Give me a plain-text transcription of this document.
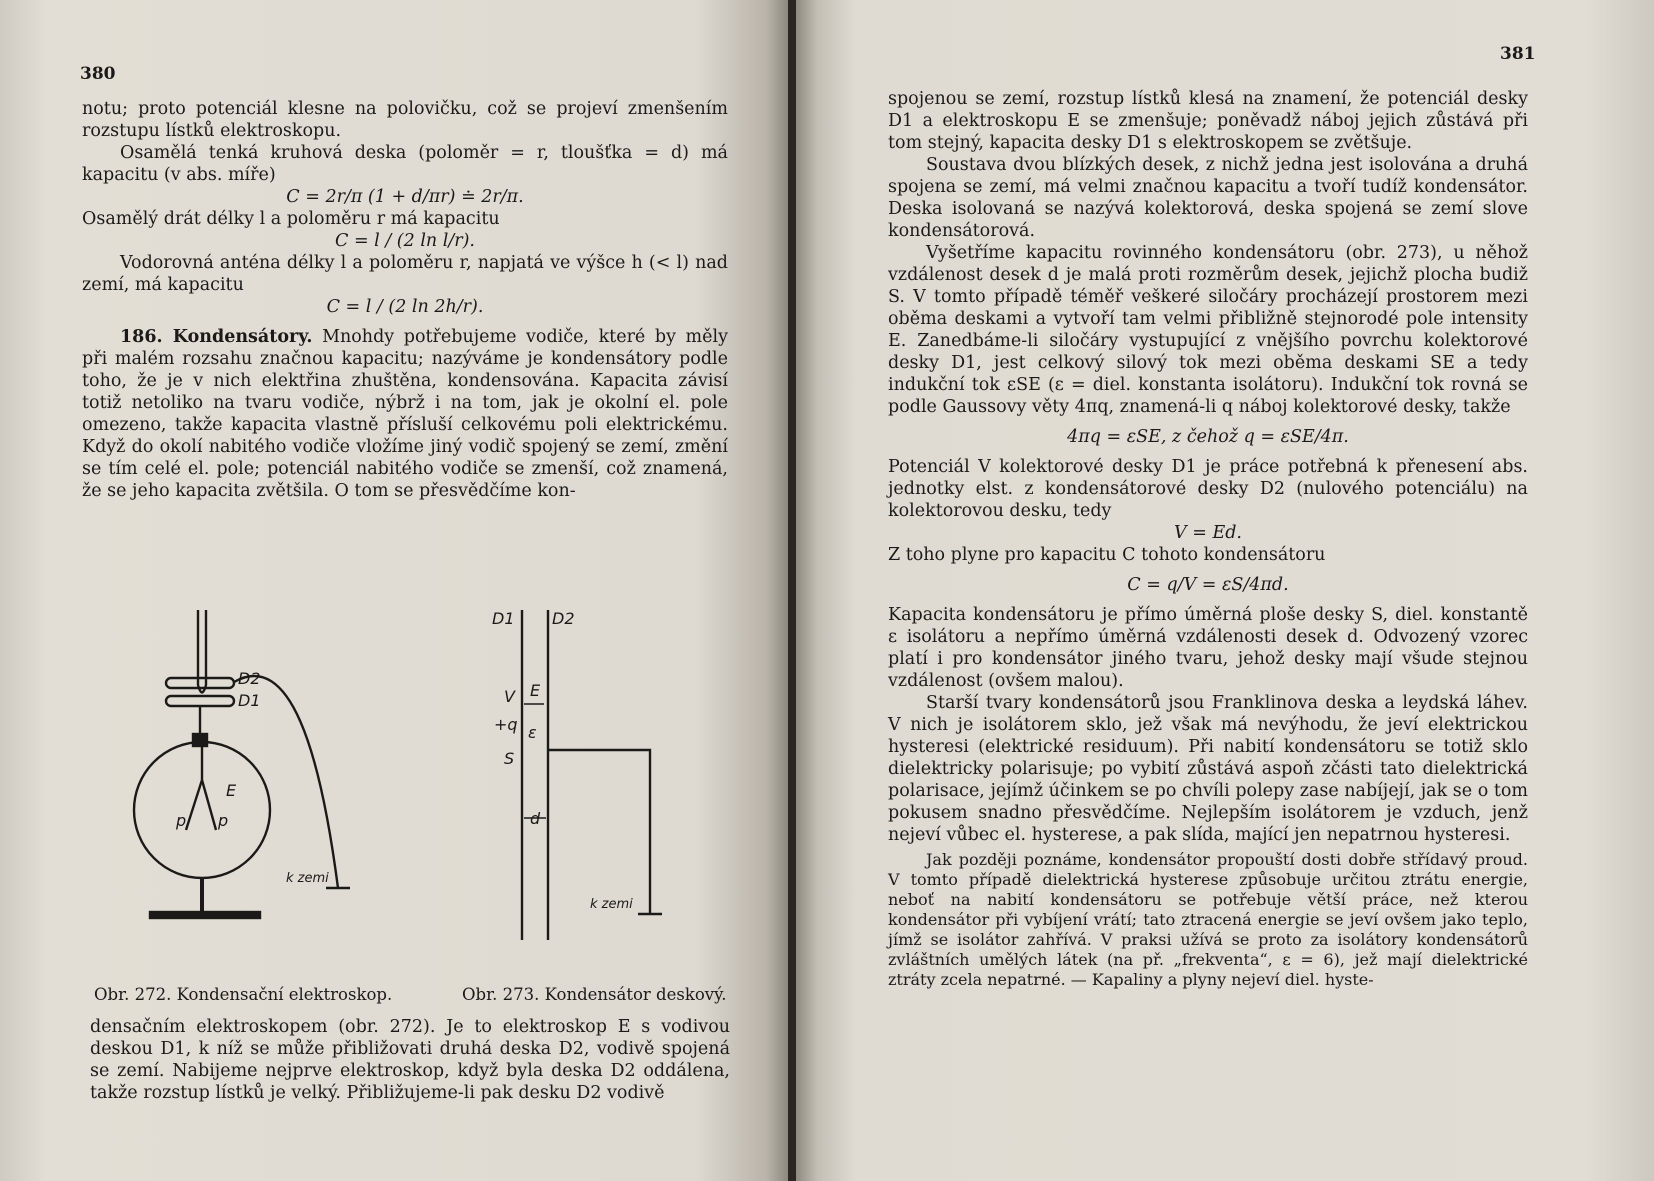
380

notu; proto potenciál klesne na polovičku, což se projeví zmenšením rozstupu lístků elektroskopu.

Osamělá tenká kruhová deska (poloměr = r, tloušťka = d) má kapacitu (v abs. míře)

C = 2r/π (1 + d/πr) ≐ 2r/π.

Osamělý drát délky l a poloměru r má kapacitu

C = l / (2 ln l/r).

Vodorovná anténa délky l a poloměru r, napjatá ve výšce h (< l) nad zemí, má kapacitu

C = l / (2 ln 2h/r).

186. Kondensátory. Mnohdy potřebujeme vodiče, které by měly při malém rozsahu značnou kapacitu; nazýváme je kondensátory podle toho, že je v nich elektřina zhuštěna, kondensována. Kapacita závisí totiž netoliko na tvaru vodiče, nýbrž i na tom, jak je okolní el. pole omezeno, takže kapacita vlastně přísluší celkovému poli elektrickému. Když do okolí nabitého vodiče vložíme jiný vodič spojený se zemí, změní se tím celé el. pole; potenciál nabitého vodiče se zmenší, což znamená, že se jeho kapacita zvětšila. O tom se přesvědčíme kon-

D2
D1
E
p p
k zemi
D1 D2
V E
+q ε
S
d
k zemi
Obr. 272. Kondensační elektroskop.	Obr. 273. Kondensátor deskový.

densačním elektroskopem (obr. 272). Je to elektroskop E s vodivou deskou D1, k níž se může přibližovati druhá deska D2, vodivě spojená se zemí. Nabijeme nejprve elektroskop, když byla deska D2 oddálena, takže rozstup lístků je velký. Přibližujeme-li pak desku D2 vodivě

381

spojenou se zemí, rozstup lístků klesá na znamení, že potenciál desky D1 a elektroskopu E se zmenšuje; poněvadž náboj jejich zůstává při tom stejný, kapacita desky D1 s elektroskopem se zvětšuje.

Soustava dvou blízkých desek, z nichž jedna jest isolována a druhá spojena se zemí, má velmi značnou kapacitu a tvoří tudíž kondensátor. Deska isolovaná se nazývá kolektorová, deska spojená se zemí slove kondensátorová.

Vyšetříme kapacitu rovinného kondensátoru (obr. 273), u něhož vzdálenost desek d je malá proti rozměrům desek, jejichž plocha budiž S. V tomto případě téměř veškeré siločáry procházejí prostorem mezi oběma deskami a vytvoří tam velmi přibližně stejnorodé pole intensity E. Zanedbáme-li siločáry vystupující z vnějšího povrchu kolektorové desky D1, jest celkový silový tok mezi oběma deskami SE a tedy indukční tok εSE (ε = diel. konstanta isolátoru). Indukční tok rovná se podle Gaussovy věty 4πq, znamená-li q náboj kolektorové desky, takže

4πq = εSE, z čehož q = εSE/4π.

Potenciál V kolektorové desky D1 je práce potřebná k přenesení abs. jednotky elst. z kondensátorové desky D2 (nulového potenciálu) na kolektorovou desku, tedy

V = Ed.

Z toho plyne pro kapacitu C tohoto kondensátoru

C = q/V = εS/4πd.

Kapacita kondensátoru je přímo úměrná ploše desky S, diel. konstantě ε isolátoru a nepřímo úměrná vzdálenosti desek d. Odvozený vzorec platí i pro kondensátor jiného tvaru, jehož desky mají všude stejnou vzdálenost (ovšem malou).

Starší tvary kondensátorů jsou Franklinova deska a leydská láhev. V nich je isolátorem sklo, jež však má nevýhodu, že jeví elektrickou hysteresi (elektrické residuum). Při nabití kondensátoru se totiž sklo dielektricky polarisuje; po vybití zůstává aspoň zčásti tato dielektrická polarisace, jejímž účinkem se po chvíli polepy zase nabíjejí, jak se o tom pokusem snadno přesvědčíme. Nejlepším isolátorem je vzduch, jenž nejeví vůbec el. hysterese, a pak slída, mající jen nepatrnou hysteresi.

Jak později poznáme, kondensátor propouští dosti dobře střídavý proud. V tomto případě dielektrická hysterese způsobuje určitou ztrátu energie, neboť na nabití kondensátoru se potřebuje větší práce, než kterou kondensátor při vybíjení vrátí; tato ztracená energie se jeví ovšem jako teplo, jímž se isolátor zahřívá. V praksi užívá se proto za isolátory kondensátorů zvláštních umělých látek (na př. „frekventa“, ε = 6), jež mají dielektrické ztráty zcela nepatrné. — Kapaliny a plyny nejeví diel. hyste-
